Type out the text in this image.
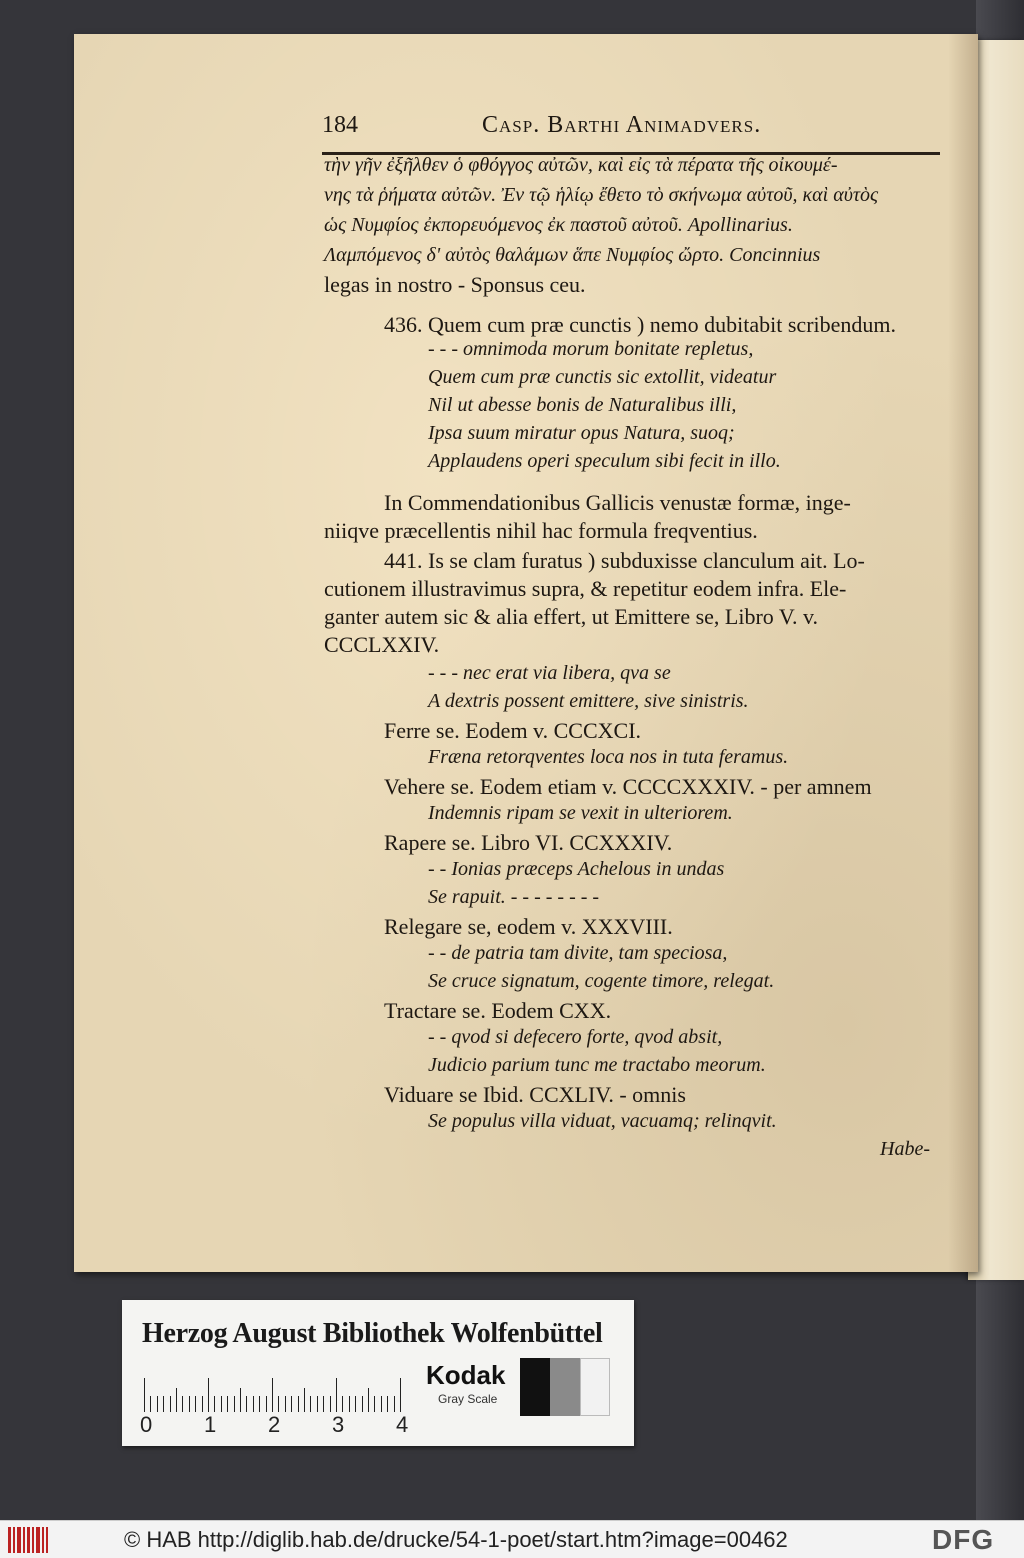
184	Casp. Barthi Animadvers.
τὴν γῆν ἐξῆλθεν ὁ φθόγγος αὐτῶν, καὶ εἰς τὰ πέρατα τῆς οἰκουμέ-
νης τὰ ῥήματα αὐτῶν. Ἐν τῷ ἡλίῳ ἔθετο τὸ σκήνωμα αὐτοῦ, καὶ αὐτὸς
ὡς Νυμφίος ἐκπορευόμενος ἐκ παστοῦ αὐτοῦ. Apollinarius.
Λαμπόμενος δ' αὐτὸς θαλάμων ἅπε Νυμφίος ὤρτο. Concinnius
legas in nostro - Sponsus ceu.
436. Quem cum præ cunctis ) nemo dubitabit scribendum.
- - - omnimoda morum bonitate repletus,
Quem cum præ cunctis sic extollit, videatur
Nil ut abesse bonis de Naturalibus illi,
Ipsa suum miratur opus Natura, suoq;
Applaudens operi speculum sibi fecit in illo.
In Commendationibus Gallicis venustæ formæ, inge-
niiqve præcellentis nihil hac formula freqventius.
441. Is se clam furatus ) subduxisse clanculum ait. Lo-
cutionem illustravimus supra, & repetitur eodem infra. Ele-
ganter autem sic & alia effert, ut Emittere se, Libro V. v.
CCCLXXIV.
- - - nec erat via libera, qva se
A dextris possent emittere, sive sinistris.
Ferre se. Eodem v. CCCXCI.
Fræna retorqventes loca nos in tuta feramus.
Vehere se. Eodem etiam v. CCCCXXXIV. - per amnem
Indemnis ripam se vexit in ulteriorem.
Rapere se. Libro VI. CCXXXIV.
- - Ionias præceps Achelous in undas
Se rapuit. - - - - - - - -
Relegare se, eodem v. XXXVIII.
- - de patria tam divite, tam speciosa,
Se cruce signatum, cogente timore, relegat.
Tractare se. Eodem CXX.
- - qvod si defecero forte, qvod absit,
Judicio parium tunc me tractabo meorum.
Viduare se Ibid. CCXLIV. - omnis
Se populus villa viduat, vacuamq; relinqvit.
Habe-
Herzog August Bibliothek Wolfenbüttel
0 1 2 3 4
Kodak
Gray Scale
© HAB http://diglib.hab.de/drucke/54-1-poet/start.htm?image=00462	DFG
